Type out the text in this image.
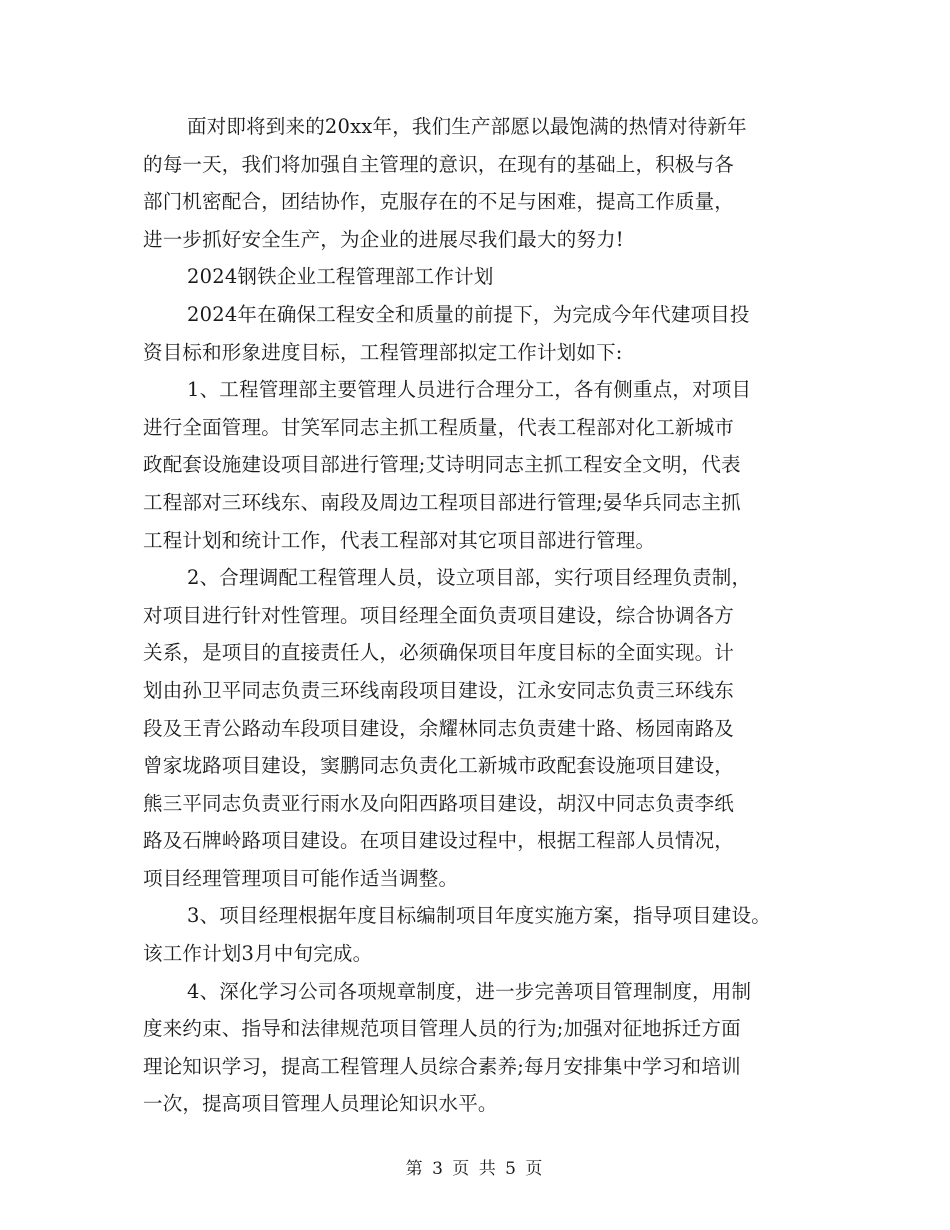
面对即将到来的20xx年，我们生产部愿以最饱满的热情对待新年
的每一天，我们将加强自主管理的意识，在现有的基础上，积极与各
部门机密配合，团结协作，克服存在的不足与困难，提高工作质量，
进一步抓好安全生产，为企业的进展尽我们最大的努力!

2024钢铁企业工程管理部工作计划

2024年在确保工程安全和质量的前提下，为完成今年代建项目投
资目标和形象进度目标，工程管理部拟定工作计划如下:

1、工程管理部主要管理人员进行合理分工，各有侧重点，对项目
进行全面管理。甘笑军同志主抓工程质量，代表工程部对化工新城市
政配套设施建设项目部进行管理;艾诗明同志主抓工程安全文明，代表
工程部对三环线东、南段及周边工程项目部进行管理;晏华兵同志主抓
工程计划和统计工作，代表工程部对其它项目部进行管理。

2、合理调配工程管理人员，设立项目部，实行项目经理负责制，
对项目进行针对性管理。项目经理全面负责项目建设，综合协调各方
关系，是项目的直接责任人，必须确保项目年度目标的全面实现。计
划由孙卫平同志负责三环线南段项目建设，江永安同志负责三环线东
段及王青公路动车段项目建设，余耀林同志负责建十路、杨园南路及
曾家垅路项目建设，窦鹏同志负责化工新城市政配套设施项目建设，
熊三平同志负责亚行雨水及向阳西路项目建设，胡汉中同志负责李纸
路及石牌岭路项目建设。在项目建设过程中，根据工程部人员情况，
项目经理管理项目可能作适当调整。

3、项目经理根据年度目标编制项目年度实施方案，指导项目建设。
该工作计划3月中旬完成。

4、深化学习公司各项规章制度，进一步完善项目管理制度，用制
度来约束、指导和法律规范项目管理人员的行为;加强对征地拆迁方面
理论知识学习，提高工程管理人员综合素养;每月安排集中学习和培训
一次，提高项目管理人员理论知识水平。

第 3 页 共 5 页
